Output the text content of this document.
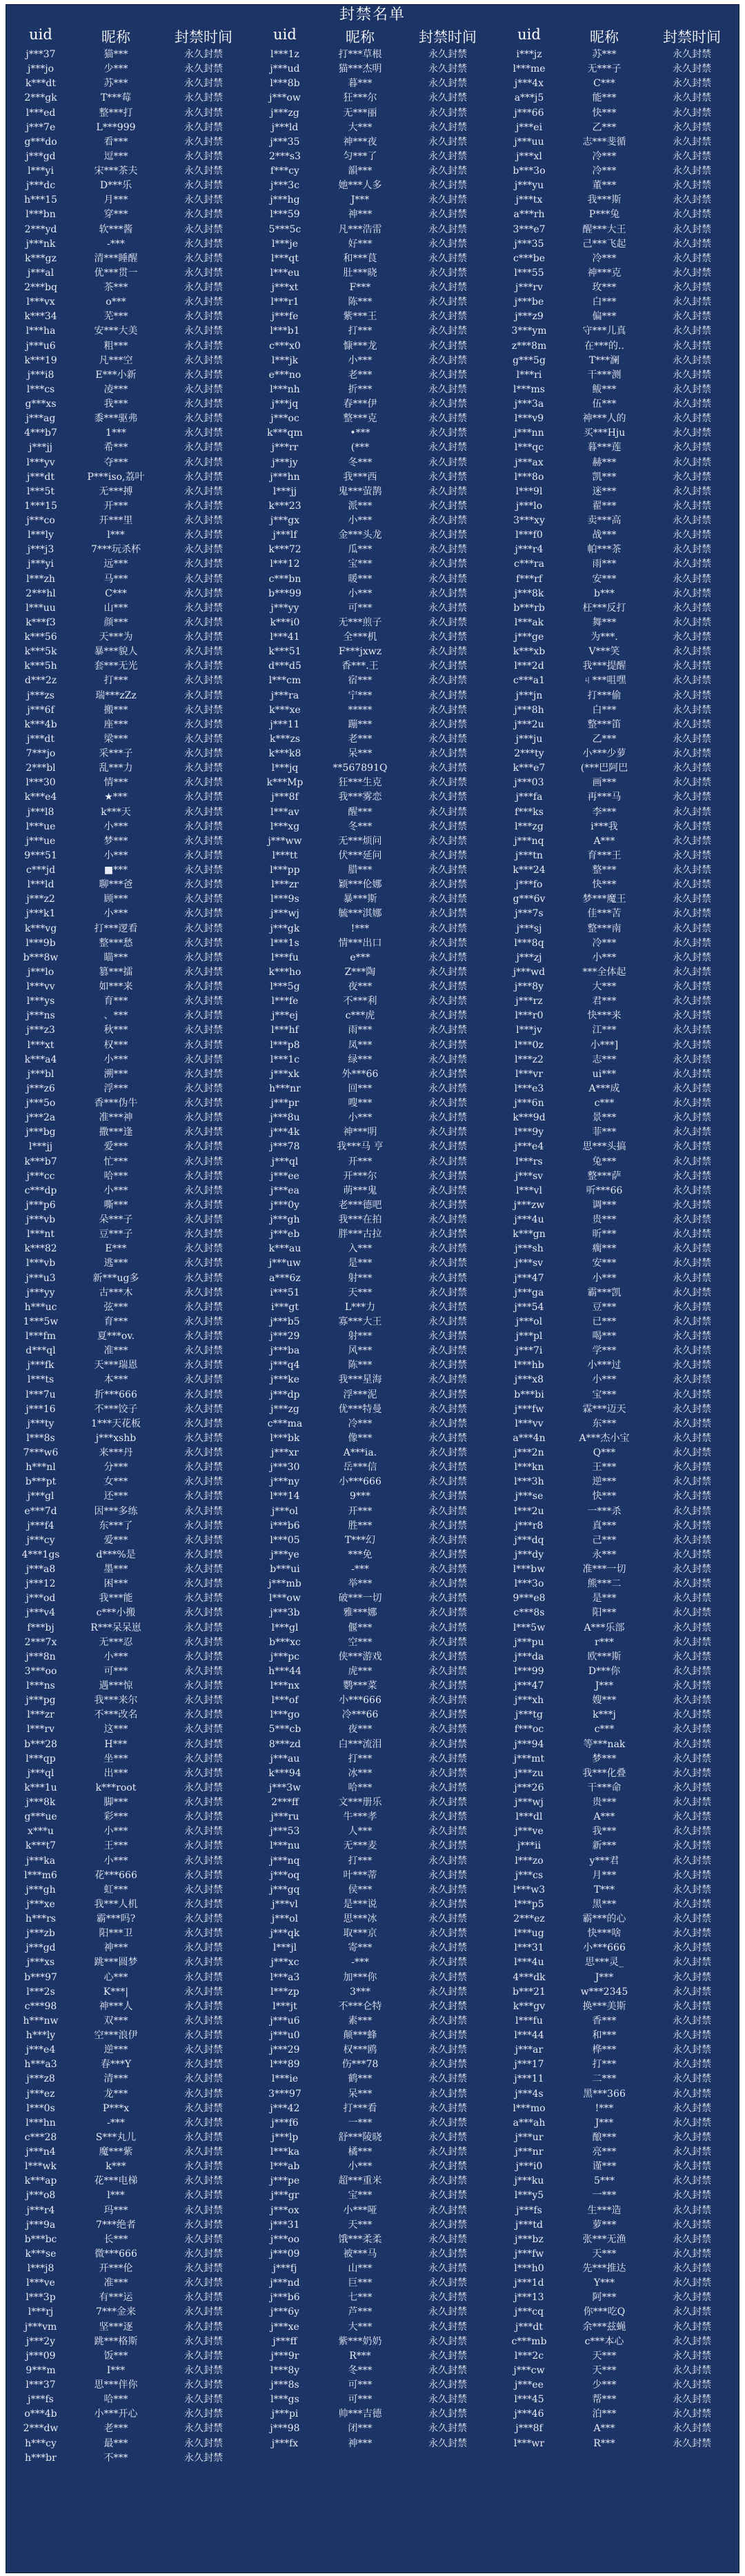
封禁名单
uid	昵称	封禁时间	uid	昵称	封禁时间	uid	昵称	封禁时间
j***37	猫***	永久封禁
j***jo	少***	永久封禁
k***dt	苏***	永久封禁
2***gk	T***莓	永久封禁
l***ed	整***打	永久封禁
j***7e	L***999	永久封禁
g***do	看***	永久封禁
j***gd	逗***	永久封禁
l***yi	宋***茶夫	永久封禁
j***dc	D***乐	永久封禁
h***15	月***	永久封禁
l***bn	穿***	永久封禁
2***yd	软***酱	永久封禁
j***nk	-***	永久封禁
k***gz	清***睡醒	永久封禁
j***al	优***贯一	永久封禁
2***bq	茶***	永久封禁
l***vx	o***	永久封禁
k***34	芜***	永久封禁
l***ha	安***大美	永久封禁
j***u6	粗***	永久封禁
k***19	凡***空	永久封禁
j***i8	E***小新	永久封禁
l***cs	凌***	永久封禁
g***xs	我***	永久封禁
j***ag	黍***驱弗	永久封禁
4***b7	1***	永久封禁
j***jj	希***	永久封禁
l***yv	夺***	永久封禁
j***dt	P***iso,荔叶	永久封禁
l***5t	无***搏	永久封禁
1***15	开***	永久封禁
j***co	开***里	永久封禁
l***ly	l***	永久封禁
j***j3	7***玩杀杯	永久封禁
j***yi	远***	永久封禁
l***zh	马***	永久封禁
2***hl	C***	永久封禁
l***uu	山***	永久封禁
k***f3	颜***	永久封禁
k***56	天***为	永久封禁
k***5k	暴***貌人	永久封禁
k***5h	套***无光	永久封禁
d***2z	打***	永久封禁
j***zs	瑞***zZz	永久封禁
j***6f	搬***	永久封禁
k***4b	座***	永久封禁
j***dt	梁***	永久封禁
7***jo	采***子	永久封禁
2***bl	乱***力	永久封禁
l***30	情***	永久封禁
k***e4	★***	永久封禁
j***l8	k***天	永久封禁
l***ue	小***	永久封禁
j***ue	梦***	永久封禁
9***51	小***	永久封禁
c***jd	■***	永久封禁
l***ld	聊***爸	永久封禁
j***z2	顾***	永久封禁
j***k1	小***	永久封禁
k***vg	打***逻看	永久封禁
l***9b	整***愁	永久封禁
b***8w	瞄***	永久封禁
j***lo	篡***擂	永久封禁
l***vv	如***来	永久封禁
l***ys	育***	永久封禁
j***ns	、***	永久封禁
j***z3	秋***	永久封禁
l***xt	权***	永久封禁
k***a4	小***	永久封禁
j***bl	溯***	永久封禁
j***z6	浮***	永久封禁
j***5o	香***伪牛	永久封禁
j***2a	准***神	永久封禁
j***bg	撒***逢	永久封禁
l***jj	爱***	永久封禁
k***b7	忙***	永久封禁
j***cc	哈***	永久封禁
c***dp	小***	永久封禁
j***p6	嘶***	永久封禁
j***vb	朵***子	永久封禁
l***nt	豆***子	永久封禁
k***82	E***	永久封禁
l***vb	逃***	永久封禁
j***u3	新***ug多	永久封禁
j***yy	古***木	永久封禁
h***uc	弦***	永久封禁
1***5w	育***	永久封禁
l***fm	夏***ov.	永久封禁
d***ql	准***	永久封禁
j***fk	天***瑞恩	永久封禁
l***ts	本***	永久封禁
l***7u	折***666	永久封禁
j***16	不***饺子	永久封禁
j***ty	1***天花板	永久封禁
l***8s	j***xshb	永久封禁
7***w6	来***丹	永久封禁
h***nl	分***	永久封禁
b***pt	女***	永久封禁
j***gl	还***	永久封禁
e***7d	因***多练	永久封禁
j***f4	东***了	永久封禁
j***cy	爱***	永久封禁
4***1gs	d***%是	永久封禁
j***a8	墨***	永久封禁
j***12	困***	永久封禁
j***od	我***能	永久封禁
j***v4	c***小搬	永久封禁
f***bj	R***呆呆崽	永久封禁
2***7x	无***忍	永久封禁
j***8n	小***	永久封禁
3***oo	可***	永久封禁
l***ns	遇***惊	永久封禁
j***pg	我***来尔	永久封禁
l***zr	不***改名	永久封禁
l***rv	这***	永久封禁
b***28	H***	永久封禁
l***qp	坐***	永久封禁
j***ql	出***	永久封禁
k***1u	k***root	永久封禁
j***8k	脚***	永久封禁
g***ue	彩***	永久封禁
x***u	小***	永久封禁
k***t7	王***	永久封禁
j***ka	小***	永久封禁
l***m6	花***666	永久封禁
j***gh	虹***	永久封禁
j***xe	我***人机	永久封禁
h***rs	霸***吗?	永久封禁
j***zb	阳***卫	永久封禁
j***gd	神***	永久封禁
j***xs	跳***圆梦	永久封禁
b***97	心***	永久封禁
l***2s	K***|	永久封禁
c***98	神***人	永久封禁
h***nw	双***	永久封禁
h***ly	空***浪伊	永久封禁
j***e4	逆***	永久封禁
h***a3	春***Y	永久封禁
j***z8	清***	永久封禁
j***ez	龙***	永久封禁
l***0s	P***x	永久封禁
l***hn	-***	永久封禁
c***28	S***丸儿	永久封禁
j***n4	魔***紫	永久封禁
l***wk	k***	永久封禁
k***ap	花***电梯	永久封禁
j***o8	l***	永久封禁
j***r4	玛***	永久封禁
j***9a	7***绝者	永久封禁
b***bc	长***	永久封禁
k***se	微***666	永久封禁
l***j8	开***伦	永久封禁
l***ve	准***	永久封禁
l***3p	有***运	永久封禁
l***rj	7***金来	永久封禁
j***vm	坚***逐	永久封禁
j***2y	跳***格斯	永久封禁
j***09	饭***	永久封禁
9***m	I***	永久封禁
l***37	思***伴你	永久封禁
j***fs	哈***	永久封禁
o***4b	小***开心	永久封禁
2***dw	老***	永久封禁
h***cy	最***	永久封禁
h***br	不***	永久封禁
l***1z	打***草根	永久封禁
j***ud	猫***杰明	永久封禁
l***8b	暮***	永久封禁
j***ow	狂***尔	永久封禁
j***zg	无***丽	永久封禁
j***ld	大***	永久封禁
j***35	神***夜	永久封禁
2***s3	匀***了	永久封禁
f***cy	韻***	永久封禁
j***3c	她***人多	永久封禁
j***hg	J***	永久封禁
l***59	神***	永久封禁
5***5c	凡***浩雷	永久封禁
l***je	好***	永久封禁
l***qt	和***茛	永久封禁
l***eu	肚***晓	永久封禁
j***xt	F***	永久封禁
l***r1	陈***	永久封禁
j***fe	紫***王	永久封禁
l***b1	打***	永久封禁
c***x0	慷***龙	永久封禁
l***jk	小***	永久封禁
e***no	老***	永久封禁
l***nh	折***	永久封禁
j***jq	春***伊	永久封禁
j***oc	整***克	永久封禁
k***qm	•***	永久封禁
j***rr	(***	永久封禁
j***jy	冬***	永久封禁
j***hn	我***西	永久封禁
l***jj	鬼***萤鹊	永久封禁
k***23	派***	永久封禁
j***gx	小***	永久封禁
j***lf	金***头龙	永久封禁
k***72	瓜***	永久封禁
l***12	宝***	永久封禁
c***bn	暖***	永久封禁
b***99	小***	永久封禁
j***yy	可***	永久封禁
k***i0	无***煎子	永久封禁
l***41	全***机	永久封禁
k***51	F***jxwz	永久封禁
d***d5	香***.王	永久封禁
l***cm	宿***	永久封禁
j***ra	宁***	永久封禁
k***xe	*****	永久封禁
j***11	蹦***	永久封禁
k***zs	老***	永久封禁
k***k8	呆***	永久封禁
l***jq	**567891Q	永久封禁
k***Mp	狂***生克	永久封禁
j***8f	我***雾恋	永久封禁
l***av	醒***	永久封禁
l***xg	冬***	永久封禁
j***ww	无***烦问	永久封禁
l***tt	伏***延问	永久封禁
l***pp	腊***	永久封禁
l***zr	颖***伦娜	永久封禁
l***9s	暴***斯	永久封禁
j***wj	毓***淇娜	永久封禁
j***gk	!***	永久封禁
l***1s	情***出口	永久封禁
l***fu	e***	永久封禁
k***ho	Z***陶	永久封禁
l***5g	夜***	永久封禁
l***fe	不***利	永久封禁
j***ej	c***虎	永久封禁
l***hf	雨***	永久封禁
l***p8	凤***	永久封禁
l***1c	绿***	永久封禁
j***xk	外***66	永久封禁
h***nr	回***	永久封禁
j***pr	嗖***	永久封禁
j***8u	小***	永久封禁
j***4k	神***明	永久封禁
j***78	我***马 亨	永久封禁
j***ql	开***	永久封禁
j***ee	开***尔	永久封禁
j***ea	萌***鬼	永久封禁
j***0y	老***德吧	永久封禁
j***gh	我***在拍	永久封禁
j***eb	胖***古拉	永久封禁
k***au	入***	永久封禁
j***uw	是***	永久封禁
a***6z	射***	永久封禁
i***51	天***	永久封禁
i***gt	L***力	永久封禁
j***b5	寡***大王	永久封禁
j***29	射***	永久封禁
j***ba	风***	永久封禁
j***q4	陈***	永久封禁
j***ke	我***星海	永久封禁
j***dp	浮***泥	永久封禁
j***zg	优***特曼	永久封禁
c***ma	冷***	永久封禁
l***bk	像***	永久封禁
j***xr	A***ia.	永久封禁
j***30	岳***信	永久封禁
j***ny	小***666	永久封禁
l***14	9***	永久封禁
j***ol	开***	永久封禁
i***b6	胜***	永久封禁
l***05	T***幻	永久封禁
j***ye	***免	永久封禁
b***ui	-***	永久封禁
j***mb	举***	永久封禁
l***ow	破***一切	永久封禁
j***3b	雅***娜	永久封禁
l***gl	偃***	永久封禁
b***xc	空***	永久封禁
j***pc	侠***游戏	永久封禁
h***44	虎***	永久封禁
l***nx	鹦***菜	永久封禁
l***of	小***666	永久封禁
l***go	冷***66	永久封禁
5***cb	夜***	永久封禁
8***zd	白***流泪	永久封禁
j***au	打***	永久封禁
k***94	冰***	永久封禁
j***3w	哈***	永久封禁
2***ff	文***册乐	永久封禁
j***ru	牛***孝	永久封禁
j***53	人***	永久封禁
l***nu	无***麦	永久封禁
j***nq	打***	永久封禁
j***oq	叶***蒂	永久封禁
j***gq	侯***	永久封禁
j***vl	是***说	永久封禁
j***ol	思***冰	永久封禁
j***qk	取***京	永久封禁
l***jl	寄***	永久封禁
j***xc	-***	永久封禁
l***a3	加***你	永久封禁
l***zp	3***	永久封禁
l***jt	不***仑特	永久封禁
j***u6	素***	永久封禁
j***u0	颠***蜂	永久封禁
j***29	权***鸥	永久封禁
l***89	伤***78	永久封禁
l***ie	鹤***	永久封禁
3***97	呆***	永久封禁
j***42	打***看	永久封禁
j***f6	一***	永久封禁
j***lp	舒***陵晓	永久封禁
l***ka	橘***	永久封禁
l***ab	小***	永久封禁
j***pe	超***重米	永久封禁
j***gr	宝***	永久封禁
j***ox	小***哑	永久封禁
j***31	天***	永久封禁
j***oo	饿***柔柔	永久封禁
j***09	被***马	永久封禁
j***fj	山***	永久封禁
j***nd	巨***	永久封禁
j***b6	七***	永久封禁
j***6y	芦***	永久封禁
j***xe	大***	永久封禁
j***ff	紫***奶奶	永久封禁
j***9r	R***	永久封禁
l***8y	冬***	永久封禁
j***8s	可***	永久封禁
l***gs	可***	永久封禁
j***pi	帅***吉德	永久封禁
j***98	闭***	永久封禁
j***fx	神***	永久封禁
i***jz	苏***	永久封禁
l***me	无***子	永久封禁
j***4x	C***	永久封禁
a***j5	能***	永久封禁
j***66	快***	永久封禁
j***ei	乙***	永久封禁
j***uu	志***斐循	永久封禁
j***xl	冷***	永久封禁
b***3o	冷***	永久封禁
j***yu	董***	永久封禁
j***tx	我***斯	永久封禁
a***rh	P***兔	永久封禁
3***e7	醒***大王	永久封禁
j***35	己***飞起	永久封禁
c***be	冷***	永久封禁
l***55	神***克	永久封禁
j***rv	玫***	永久封禁
j***be	白***	永久封禁
j***z9	偏***	永久封禁
3***ym	守***儿真	永久封禁
z***8m	在***的..	永久封禁
g***5g	T***澜	永久封禁
l***ri	干***测	永久封禁
l***ms	鲅***	永久封禁
j***3a	伍***	永久封禁
l***v9	神***人的	永久封禁
j***nn	买***Hju	永久封禁
l***qc	暮***莲	永久封禁
j***ax	赫***	永久封禁
l***8o	凯***	永久封禁
l***9l	迷***	永久封禁
j***lo	翟***	永久封禁
3***xy	卖***高	永久封禁
l***f0	战***	永久封禁
j***r4	帕***茶	永久封禁
c***ra	雨***	永久封禁
f***rf	安***	永久封禁
j***8k	b***	永久封禁
b***rb	枉***反打	永久封禁
l***ak	舞***	永久封禁
j***ge	为***.	永久封禁
k***xb	V***笑	永久封禁
l***2d	我***提醒	永久封禁
c***a1	ㄐ***咀嘿	永久封禁
j***jn	打***偷	永久封禁
j***8h	白***	永久封禁
j***2u	整***笛	永久封禁
j***ju	乙***	永久封禁
2***ty	小***少萝	永久封禁
k***e7	(***巴阿巴	永久封禁
j***03	画***	永久封禁
j***fa	再***马	永久封禁
f***ks	李***	永久封禁
l***zg	i***我	永久封禁
j***nq	A***	永久封禁
j***tn	育***王	永久封禁
k***24	整***	永久封禁
j***fo	快***	永久封禁
g***6v	梦***魔王	永久封禁
j***7s	佳***苦	永久封禁
j***sj	整***南	永久封禁
l***8q	冷***	永久封禁
j***zj	小***	永久封禁
j***wd	***全体起	永久封禁
j***8y	大***	永久封禁
j***rz	君***	永久封禁
l***r0	快***来	永久封禁
l***jv	江***	永久封禁
l***0z	小***]	永久封禁
l***z2	志***	永久封禁
l***vr	ui***	永久封禁
l***e3	A***成	永久封禁
j***6n	c***	永久封禁
k***9d	景***	永久封禁
l***9y	菲***	永久封禁
j***e4	思***头搞	永久封禁
l***rs	兔***	永久封禁
j***sv	整***萨	永久封禁
l***vl	听***66	永久封禁
j***zw	调***	永久封禁
j***4u	贵***	永久封禁
k***gn	昕***	永久封禁
j***sh	瘸***	永久封禁
j***sv	安***	永久封禁
j***47	小***	永久封禁
j***ga	霸***凯	永久封禁
j***54	豆***	永久封禁
j***ol	已***	永久封禁
j***pl	喝***	永久封禁
j***7i	学***	永久封禁
l***hb	小***过	永久封禁
j***x8	小***	永久封禁
b***bi	宝***	永久封禁
j***fw	霖***迈天	永久封禁
l***vv	东***	永久封禁
a***4n	A***杰小宝	永久封禁
j***2n	Q***	永久封禁
l***kn	王***	永久封禁
l***3h	逆***	永久封禁
j***se	快***	永久封禁
l***2u	一***杀	永久封禁
j***r8	真***	永久封禁
j***dq	己***	永久封禁
j***dy	永***	永久封禁
l***bw	准***一切	永久封禁
l***3o	熊***二	永久封禁
9***e8	是***	永久封禁
c***8s	阳***	永久封禁
l***5w	A***乐部	永久封禁
j***pu	r***	永久封禁
j***da	欧***斯	永久封禁
l***99	D***你	永久封禁
j***47	J***	永久封禁
j***xh	嫂***	永久封禁
j***tg	k***j	永久封禁
f***oc	c***	永久封禁
j***94	等***nak	永久封禁
j***mt	梦***	永久封禁
j***zu	我***化叠	永久封禁
j***26	干***命	永久封禁
j***wj	贵***	永久封禁
l***dl	A***	永久封禁
j***ve	我***	永久封禁
j***ii	新***	永久封禁
l***zo	y***君	永久封禁
j***cs	月***	永久封禁
l***w3	T***	永久封禁
l***p5	黑***	永久封禁
2***ez	霸***的心	永久封禁
l***ug	快***啥	永久封禁
l***31	小***666	永久封禁
l***4u	思***灵_	永久封禁
4***dk	J***	永久封禁
b***21	w***2345	永久封禁
k***gv	换***美斯	永久封禁
l***fu	香***	永久封禁
l***44	和***	永久封禁
j***ar	桦***	永久封禁
j***17	打***	永久封禁
j***11	二***	永久封禁
j***4s	黑***366	永久封禁
l***mo	!***	永久封禁
a***ah	J***	永久封禁
j***ur	酿***	永久封禁
j***nr	亮***	永久封禁
j***i0	谨***	永久封禁
j***ku	5***	永久封禁
l***y5	一***	永久封禁
j***fs	生***造	永久封禁
j***td	萝***	永久封禁
j***bz	张***无渔	永久封禁
j***fw	天***	永久封禁
l***h0	先***推达	永久封禁
j***1d	Y***	永久封禁
j***13	阿***	永久封禁
j***cq	你***吃Q	永久封禁
j***dt	余***兹蝇	永久封禁
c***mb	c***本心	永久封禁
l***2c	天***	永久封禁
j***cw	天***	永久封禁
j***ee	少***	永久封禁
l***45	帮***	永久封禁
j***46	泊***	永久封禁
j***8f	A***	永久封禁
l***wr	R***	永久封禁
